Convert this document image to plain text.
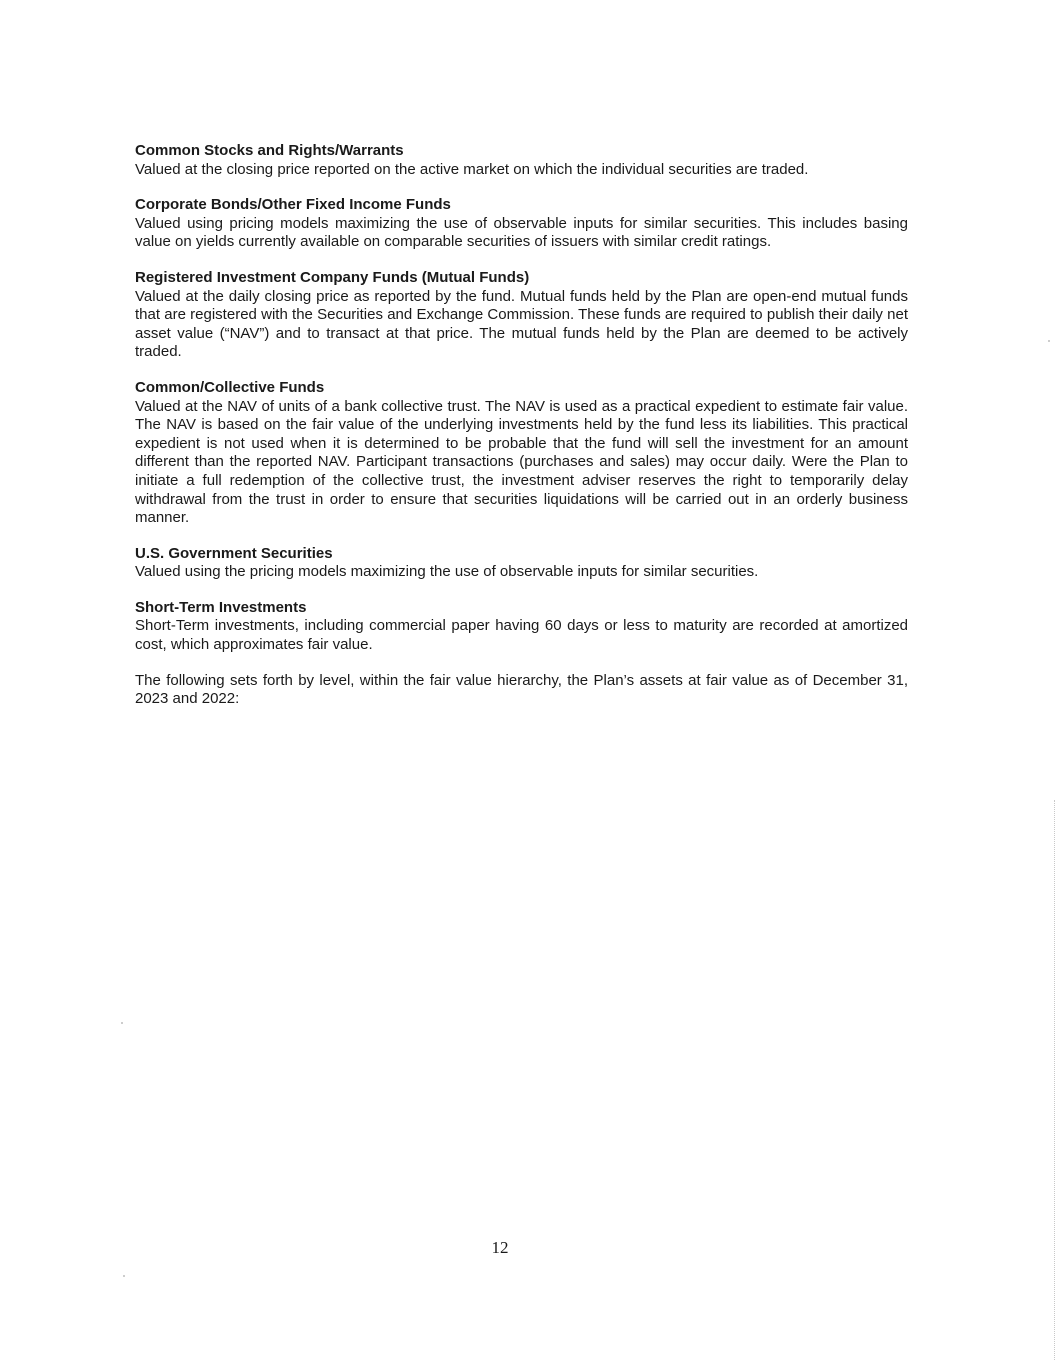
Common Stocks and Rights/Warrants

Valued at the closing price reported on the active market on which the individual securities are traded.

Corporate Bonds/Other Fixed Income Funds

Valued using pricing models maximizing the use of observable inputs for similar securities. This includes basing value on yields currently available on comparable securities of issuers with similar credit ratings.

Registered Investment Company Funds (Mutual Funds)

Valued at the daily closing price as reported by the fund. Mutual funds held by the Plan are open-end mutual funds that are registered with the Securities and Exchange Commission. These funds are required to publish their daily net asset value (“NAV”) and to transact at that price. The mutual funds held by the Plan are deemed to be actively traded.

Common/Collective Funds

Valued at the NAV of units of a bank collective trust. The NAV is used as a practical expedient to estimate fair value. The NAV is based on the fair value of the underlying investments held by the fund less its liabilities. This practical expedient is not used when it is determined to be probable that the fund will sell the investment for an amount different than the reported NAV. Participant transactions (purchases and sales) may occur daily. Were the Plan to initiate a full redemption of the collective trust, the investment adviser reserves the right to temporarily delay withdrawal from the trust in order to ensure that securities liquidations will be carried out in an orderly business manner.

U.S. Government Securities

Valued using the pricing models maximizing the use of observable inputs for similar securities.

Short-Term Investments

Short-Term investments, including commercial paper having 60 days or less to maturity are recorded at amortized cost, which approximates fair value.

The following sets forth by level, within the fair value hierarchy, the Plan’s assets at fair value as of December 31, 2023 and 2022:

12
